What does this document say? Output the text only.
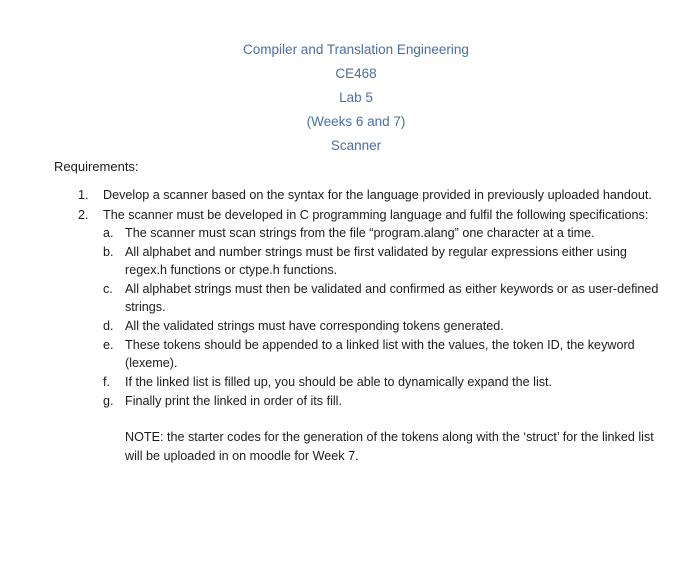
Compiler and Translation Engineering
CE468
Lab 5
(Weeks 6 and 7)
Scanner
Requirements:
1. Develop a scanner based on the syntax for the language provided in previously uploaded handout.
2. The scanner must be developed in C programming language and fulfil the following specifications:
a. The scanner must scan strings from the file “program.alang” one character at a time.
b. All alphabet and number strings must be first validated by regular expressions either using regex.h functions or ctype.h functions.
c. All alphabet strings must then be validated and confirmed as either keywords or as user-defined strings.
d. All the validated strings must have corresponding tokens generated.
e. These tokens should be appended to a linked list with the values, the token ID, the keyword (lexeme).
f. If the linked list is filled up, you should be able to dynamically expand the list.
g. Finally print the linked in order of its fill.
NOTE: the starter codes for the generation of the tokens along with the ‘struct’ for the linked list will be uploaded in on moodle for Week 7.
